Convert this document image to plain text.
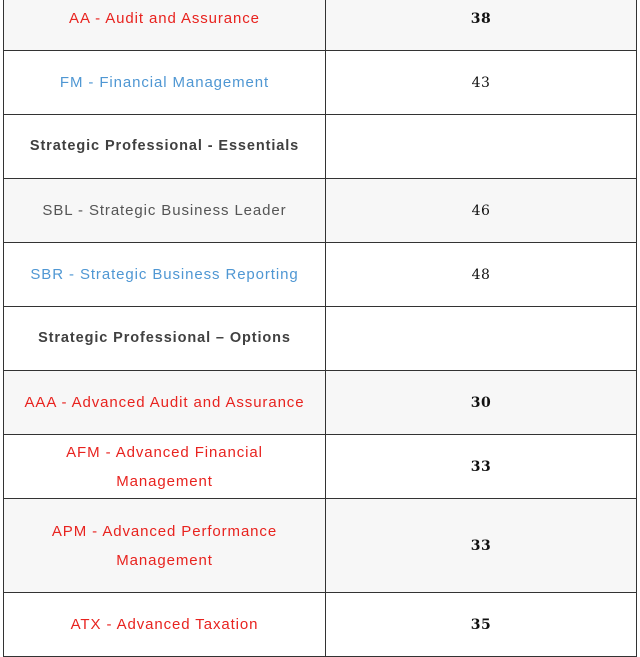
AA - Audit and Assurance	38
FM - Financial Management	43
Strategic Professional - Essentials	
SBL - Strategic Business Leader	46
SBR - Strategic Business Reporting	48
Strategic Professional – Options	
AAA - Advanced Audit and Assurance	30
AFM - Advanced Financial Management	33
APM - Advanced Performance Management	33
ATX - Advanced Taxation	35
